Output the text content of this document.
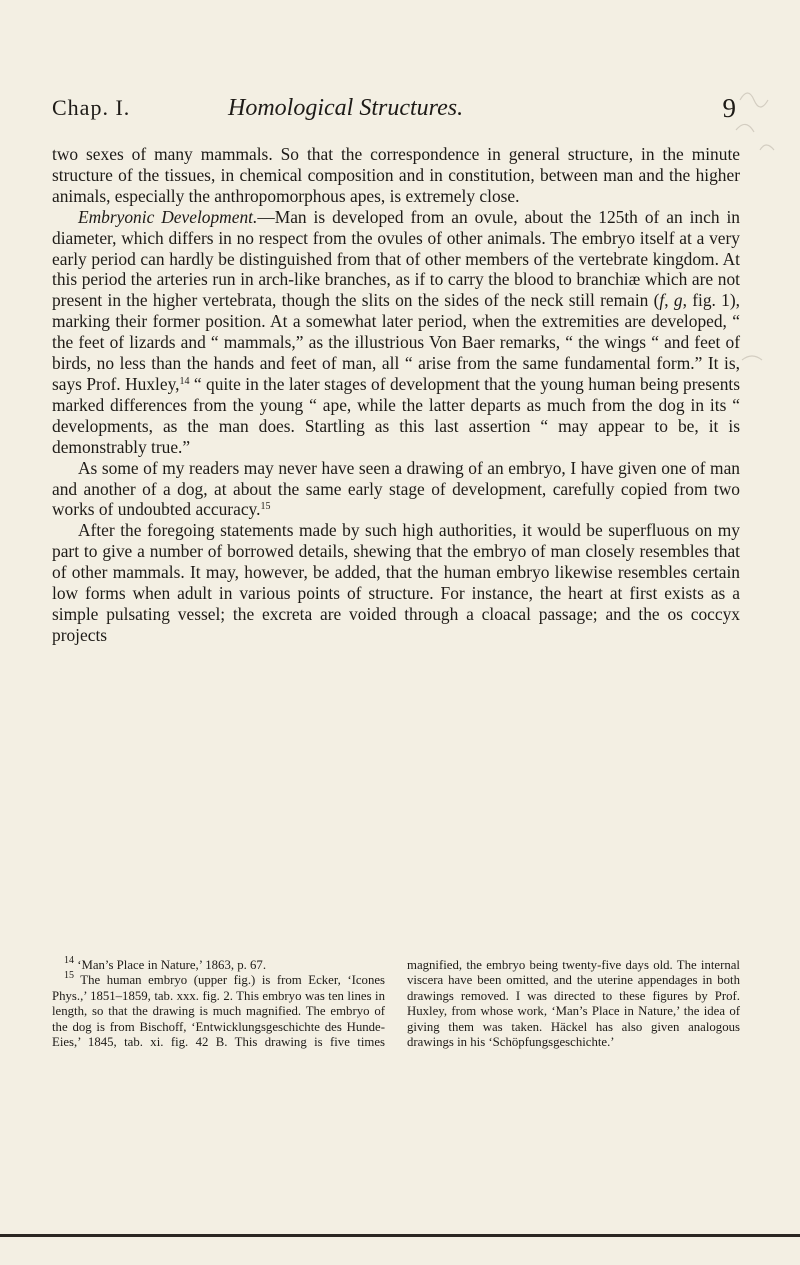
Chap. I.	Homological Structures.	9

two sexes of many mammals. So that the correspondence in general structure, in the minute structure of the tissues, in chemical composition and in constitution, between man and the higher animals, especially the anthropomorphous apes, is extremely close.

Embryonic Development.—Man is developed from an ovule, about the 125th of an inch in diameter, which differs in no respect from the ovules of other animals. The embryo itself at a very early period can hardly be distinguished from that of other members of the vertebrate kingdom. At this period the arteries run in arch-like branches, as if to carry the blood to branchiæ which are not present in the higher vertebrata, though the slits on the sides of the neck still remain (f, g, fig. 1), marking their former position. At a somewhat later period, when the extremities are developed, “ the feet of lizards and “ mammals,” as the illustrious Von Baer remarks, “ the wings “ and feet of birds, no less than the hands and feet of man, all “ arise from the same fundamental form.” It is, says Prof. Huxley,$^{14}$ “ quite in the later stages of development that the young human being presents marked differences from the young “ ape, while the latter departs as much from the dog in its “ developments, as the man does. Startling as this last assertion “ may appear to be, it is demonstrably true.”

As some of my readers may never have seen a drawing of an embryo, I have given one of man and another of a dog, at about the same early stage of development, carefully copied from two works of undoubted accuracy.$^{15}$

After the foregoing statements made by such high authorities, it would be superfluous on my part to give a number of borrowed details, shewing that the embryo of man closely resembles that of other mammals. It may, however, be added, that the human embryo likewise resembles certain low forms when adult in various points of structure. For instance, the heart at first exists as a simple pulsating vessel; the excreta are voided through a cloacal passage; and the os coccyx projects

$^{14}$ ‘Man’s Place in Nature,’ 1863, p. 67.

$^{15}$ The human embryo (upper fig.) is from Ecker, ‘Icones Phys.,’ 1851–1859, tab. xxx. fig. 2. This embryo was ten lines in length, so that the drawing is much magnified. The embryo of the dog is from Bischoff, ‘Entwicklungsgeschichte des Hunde-Eies,’ 1845, tab. xi. fig. 42 B. This drawing is five times magnified, the embryo being twenty-five days old. The internal viscera have been omitted, and the uterine appendages in both drawings removed. I was directed to these figures by Prof. Huxley, from whose work, ‘Man’s Place in Nature,’ the idea of giving them was taken. Häckel has also given analogous drawings in his ‘Schöpfungsgeschichte.’
